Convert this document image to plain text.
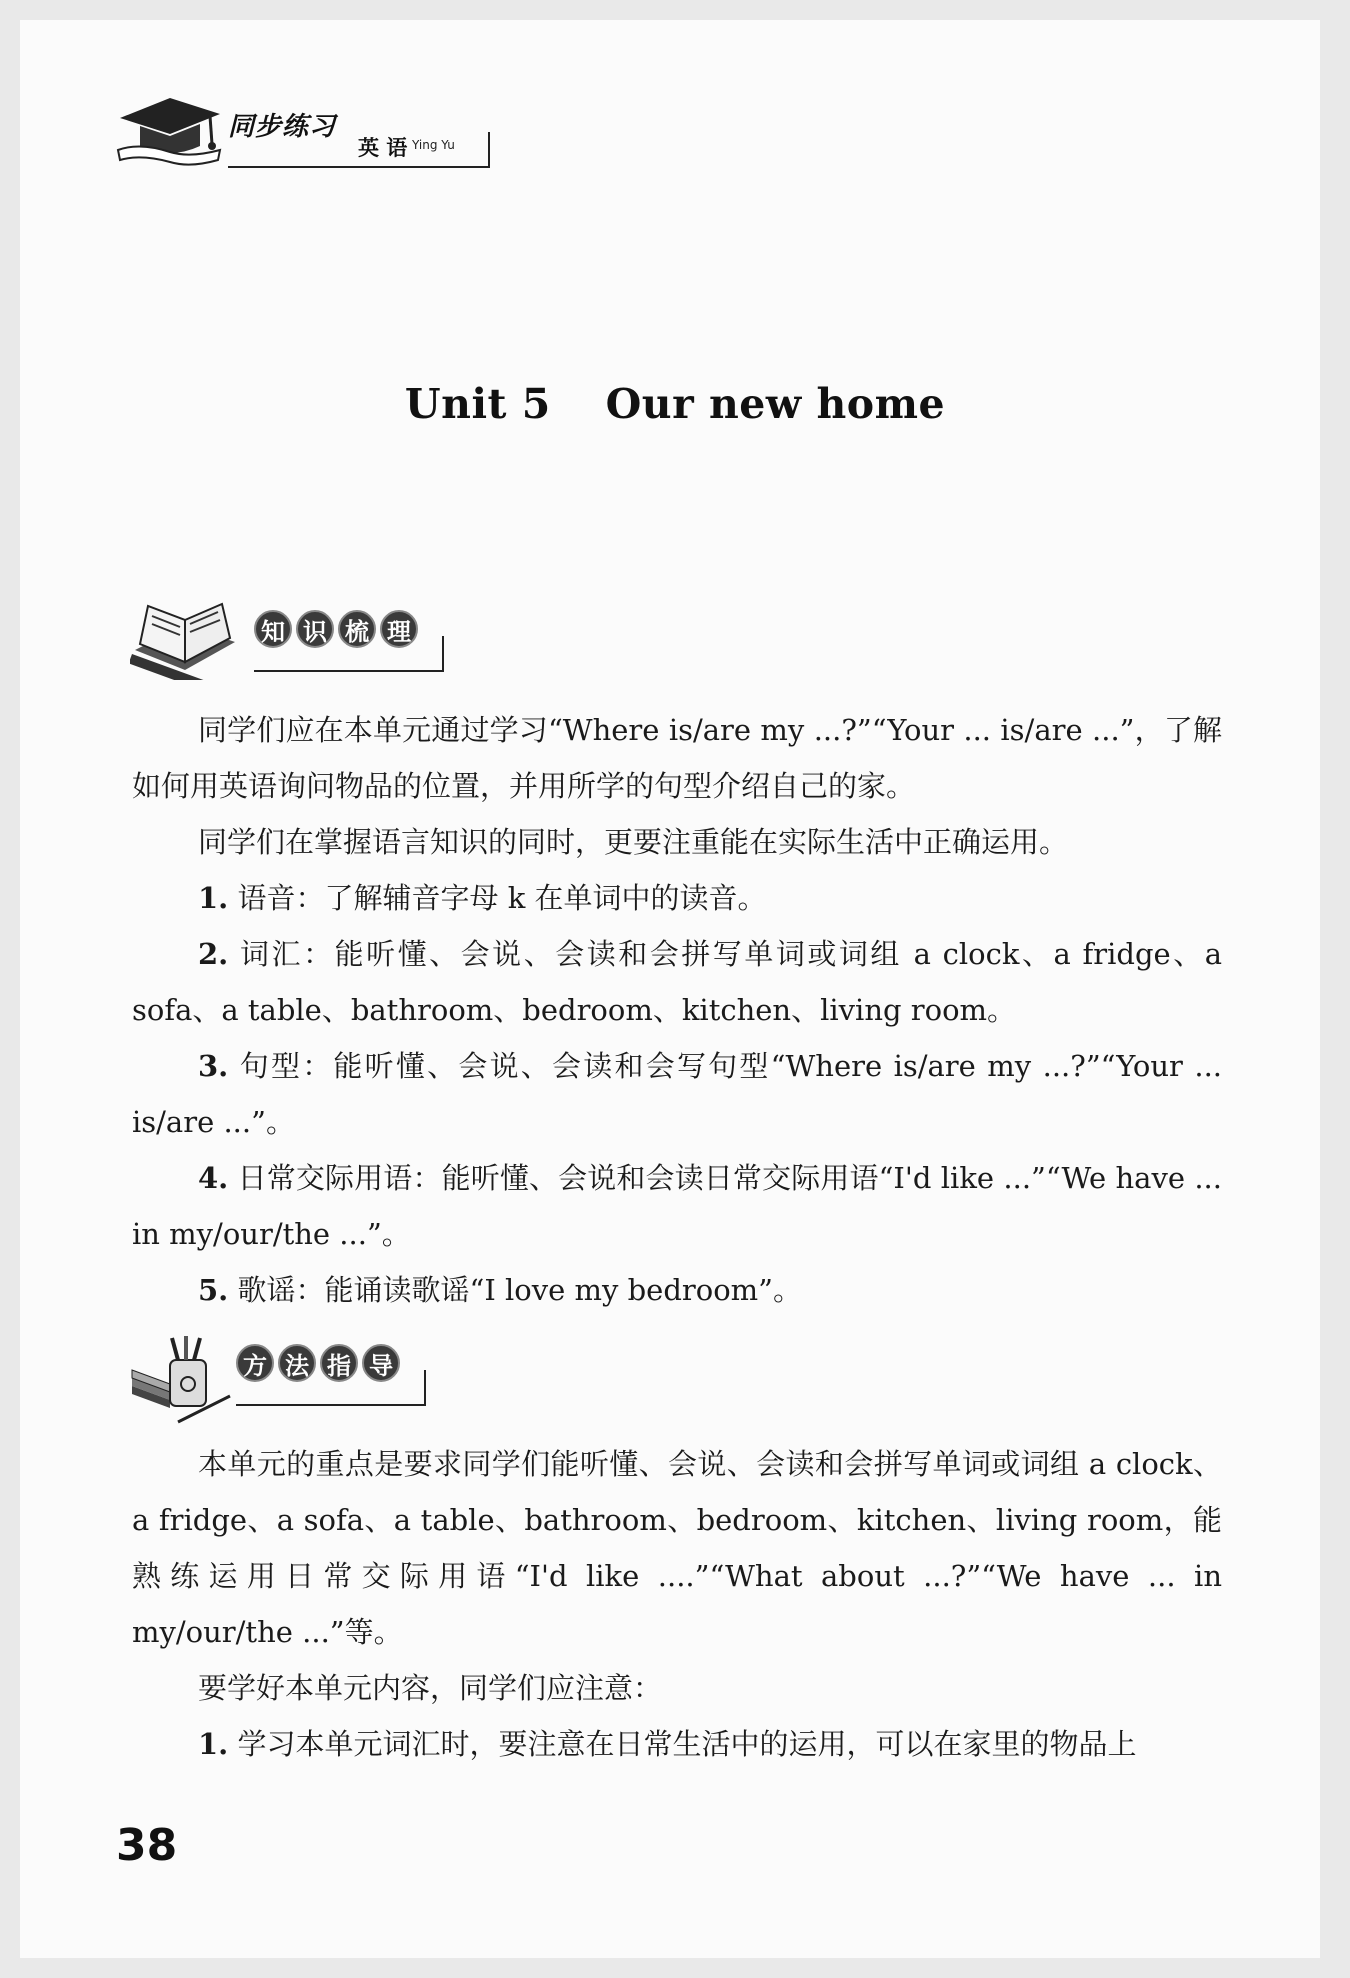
同步练习
英 语 Ying Yu
Unit 5 Our new home
知 识 梳 理

同学们应在本单元通过学习“Where is/are my ...?”“Your ... is/are ...”，了解如何用英语询问物品的位置，并用所学的句型介绍自己的家。

同学们在掌握语言知识的同时，更要注重能在实际生活中正确运用。

1. 语音：了解辅音字母 k 在单词中的读音。

2. 词汇：能听懂、会说、会读和会拼写单词或词组 a clock、a fridge、a sofa、a table、bathroom、bedroom、kitchen、living room。

3. 句型：能听懂、会说、会读和会写句型“Where is/are my ...?”“Your ... is/are ...”。

4. 日常交际用语：能听懂、会说和会读日常交际用语“I'd like ...”“We have ... in my/our/the ...”。

5. 歌谣：能诵读歌谣“I love my bedroom”。

方 法 指 导

本单元的重点是要求同学们能听懂、会说、会读和会拼写单词或词组 a clock、a fridge、a sofa、a table、bathroom、bedroom、kitchen、living room，能熟练运用日常交际用语“I'd like ....”“What about ...?”“We have ... in my/our/the ...”等。

要学好本单元内容，同学们应注意：

1. 学习本单元词汇时，要注意在日常生活中的运用，可以在家里的物品上

38
